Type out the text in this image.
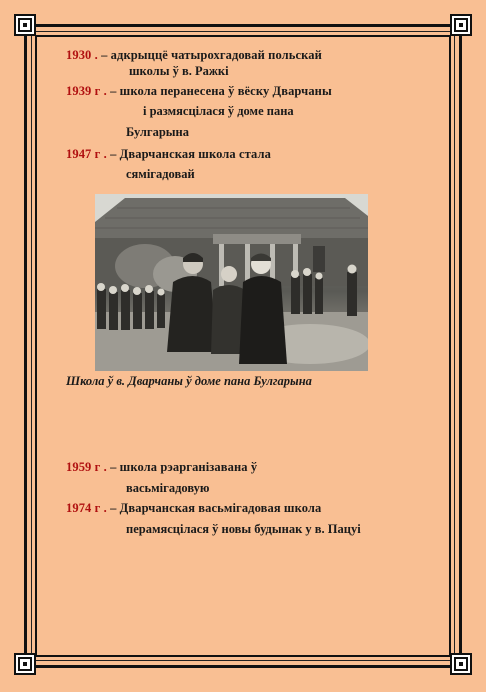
1930 . – адкрыццё чатырохгадовай польскай
школы ў в. Ражкі
1939 г . – школа перанесена ў вёску Дварчаны
і размясцілася ў доме пана
Булгарына
1947 г . – Дварчанская школа стала
сямігадовай
Школа ў в. Дварчаны ў доме пана Булгарына
1959 г . – школа рэарганізавана ў
васьмігадовую
1974 г . – Дварчанская васьмігадовая школа
перамясцілася ў новы будынак у в. Пацуі
